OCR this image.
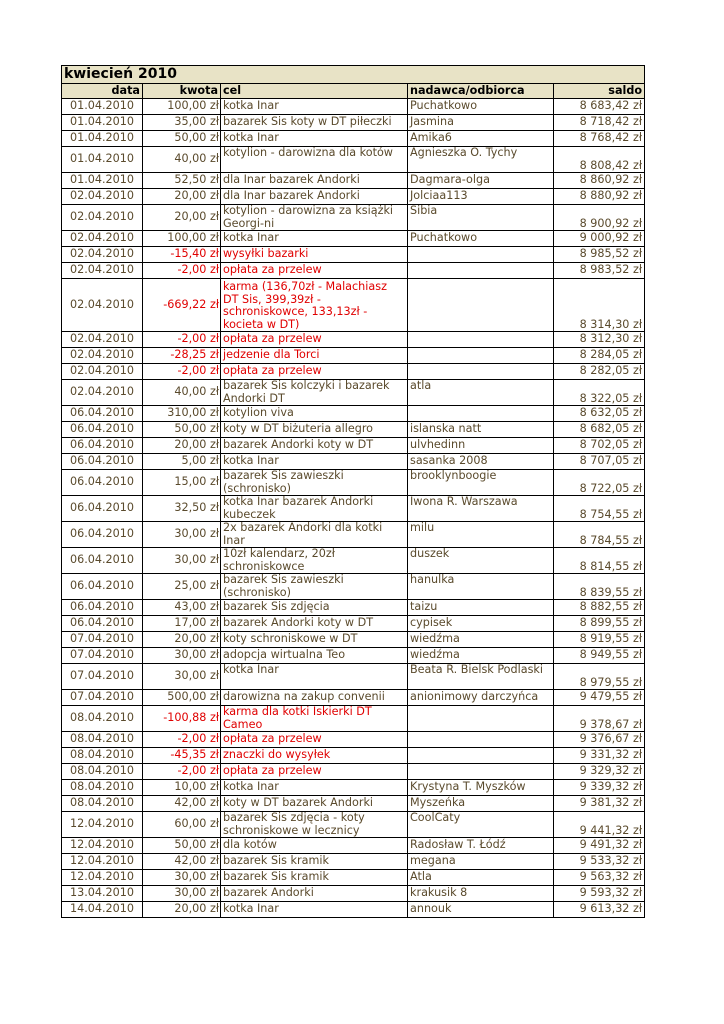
kwiecień 2010				
data	kwota	cel	nadawca/odbiorca	saldo
01.04.2010	100,00 zł	kotka Inar	Puchatkowo	8 683,42 zł
01.04.2010	35,00 zł	bazarek Sis koty w DT piłeczki	Jasmina	8 718,42 zł
01.04.2010	50,00 zł	kotka Inar	Amika6	8 768,42 zł
01.04.2010	40,00 zł	kotylion - darowizna dla kotów	Agnieszka O. Tychy	8 808,42 zł
01.04.2010	52,50 zł	dla Inar bazarek Andorki	Dagmara-olga	8 860,92 zł
02.04.2010	20,00 zł	dla Inar bazarek Andorki	Jolciaa113	8 880,92 zł
02.04.2010	20,00 zł	kotylion - darowizna za książki Georgi-ni	Sibia	8 900,92 zł
02.04.2010	100,00 zł	kotka Inar	Puchatkowo	9 000,92 zł
02.04.2010	-15,40 zł	wysyłki bazarki		8 985,52 zł
02.04.2010	-2,00 zł	opłata za przelew		8 983,52 zł
02.04.2010	-669,22 zł	karma (136,70zł - Malachiasz DT Sis, 399,39zł - schroniskowce, 133,13zł - kocieta w DT)		8 314,30 zł
02.04.2010	-2,00 zł	opłata za przelew		8 312,30 zł
02.04.2010	-28,25 zł	jedzenie dla Torci		8 284,05 zł
02.04.2010	-2,00 zł	opłata za przelew		8 282,05 zł
02.04.2010	40,00 zł	bazarek Sis kolczyki i bazarek Andorki DT	atla	8 322,05 zł
06.04.2010	310,00 zł	kotylion viva		8 632,05 zł
06.04.2010	50,00 zł	koty w DT biżuteria allegro	islanska natt	8 682,05 zł
06.04.2010	20,00 zł	bazarek Andorki koty w DT	ulvhedinn	8 702,05 zł
06.04.2010	5,00 zł	kotka Inar	sasanka 2008	8 707,05 zł
06.04.2010	15,00 zł	bazarek Sis zawieszki (schronisko)	brooklynboogie	8 722,05 zł
06.04.2010	32,50 zł	kotka Inar bazarek Andorki kubeczek	Iwona R. Warszawa	8 754,55 zł
06.04.2010	30,00 zł	2x bazarek Andorki dla kotki Inar	milu	8 784,55 zł
06.04.2010	30,00 zł	10zł kalendarz, 20zł schroniskowce	duszek	8 814,55 zł
06.04.2010	25,00 zł	bazarek Sis zawieszki (schronisko)	hanulka	8 839,55 zł
06.04.2010	43,00 zł	bazarek Sis zdjęcia	taizu	8 882,55 zł
06.04.2010	17,00 zł	bazarek Andorki koty w DT	cypisek	8 899,55 zł
07.04.2010	20,00 zł	koty schroniskowe w DT	wiedźma	8 919,55 zł
07.04.2010	30,00 zł	adopcja wirtualna Teo	wiedźma	8 949,55 zł
07.04.2010	30,00 zł	kotka Inar	Beata R. Bielsk Podlaski	8 979,55 zł
07.04.2010	500,00 zł	darowizna na zakup convenii	anionimowy darczyńca	9 479,55 zł
08.04.2010	-100,88 zł	karma dla kotki Iskierki DT Cameo		9 378,67 zł
08.04.2010	-2,00 zł	opłata za przelew		9 376,67 zł
08.04.2010	-45,35 zł	znaczki do wysyłek		9 331,32 zł
08.04.2010	-2,00 zł	opłata za przelew		9 329,32 zł
08.04.2010	10,00 zł	kotka Inar	Krystyna T. Myszków	9 339,32 zł
08.04.2010	42,00 zł	koty w DT bazarek Andorki	Myszeńka	9 381,32 zł
12.04.2010	60,00 zł	bazarek Sis zdjęcia - koty schroniskowe w lecznicy	CoolCaty	9 441,32 zł
12.04.2010	50,00 zł	dla kotów	Radosław T. Łódź	9 491,32 zł
12.04.2010	42,00 zł	bazarek Sis kramik	megana	9 533,32 zł
12.04.2010	30,00 zł	bazarek Sis kramik	Atla	9 563,32 zł
13.04.2010	30,00 zł	bazarek Andorki	krakusik 8	9 593,32 zł
14.04.2010	20,00 zł	kotka Inar	annouk	9 613,32 zł
